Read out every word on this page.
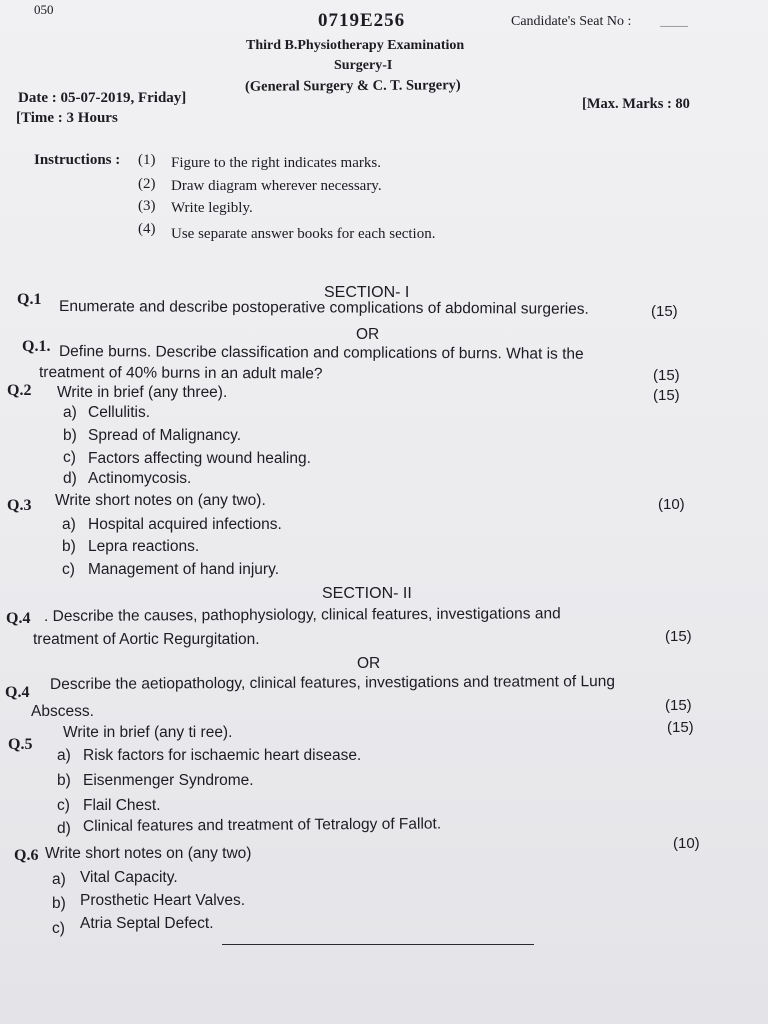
050
0719E256	Candidate's Seat No : ____
Third B.Physiotherapy Examination
Surgery-I
(General Surgery & C. T. Surgery)
Date : 05-07-2019, Friday]
[Time : 3 Hours
[Max. Marks : 80
Instructions : (1) Figure to the right indicates marks.
(2) Draw diagram wherever necessary.
(3) Write legibly.
(4) Use separate answer books for each section.
SECTION- I
Q.1 Enumerate and describe postoperative complications of abdominal surgeries.	(15)
OR
Q.1. Define burns. Describe classification and complications of burns. What is the
treatment of 40% burns in an adult male?	(15)
Q.2 Write in brief (any three).	(15)
a) Cellulitis.
b) Spread of Malignancy.
c) Factors affecting wound healing.
d) Actinomycosis.
Q.3 Write short notes on (any two).	(10)
a) Hospital acquired infections.
b) Lepra reactions.
c) Management of hand injury.
SECTION- II
Q.4 . Describe the causes, pathophysiology, clinical features, investigations and
treatment of Aortic Regurgitation.	(15)
OR
Q.4 Describe the aetiopathology, clinical features, investigations and treatment of Lung
Abscess.	(15)
Q.5
Write in brief (any ti ree).	(15)
a) Risk factors for ischaemic heart disease.
b) Eisenmenger Syndrome.
c) Flail Chest.
d) Clinical features and treatment of Tetralogy of Fallot.
Q.6 Write short notes on (any two)
(10)
a) Vital Capacity.
b) Prosthetic Heart Valves.
c) Atria Septal Defect.
